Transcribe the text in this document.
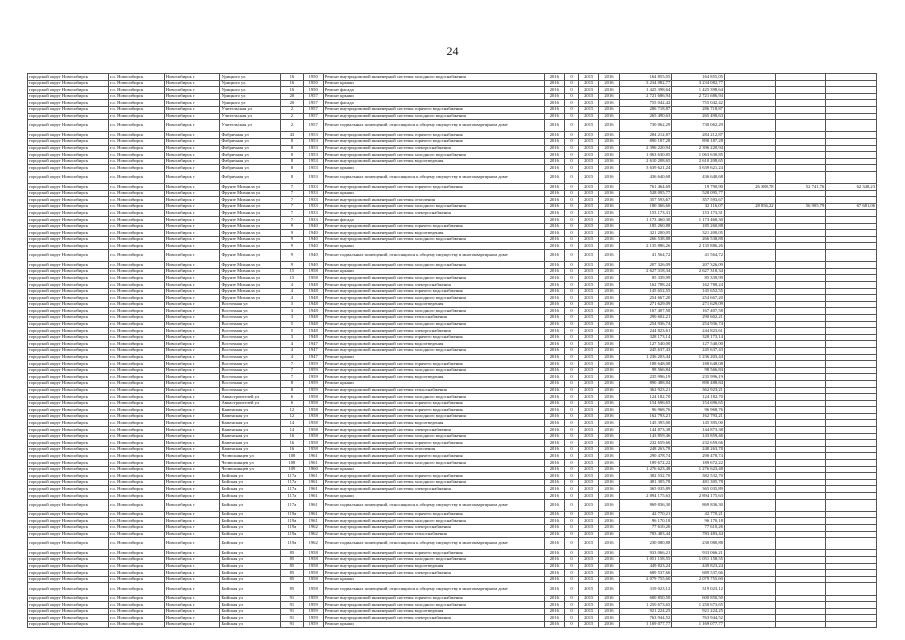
24
городской округ Новосибирск	г.о. Новосибирск	Новосибирск г	Урицкого ул	16	1950	Ремонт внутридомовой инженерной системы холодного водоснабжения	2016	0	2015	2016	164 855,05	164 855,05			
городской округ Новосибирск	г.о. Новосибирск	Новосибирск г	Урицкого ул	16	1950	Ремонт крыши	2016	0	2015	2016	3 234 082,77	3 234 082,77			
городской округ Новосибирск	г.о. Новосибирск	Новосибирск г	Урицкого ул	16	1950	Ремонт фасада	2016	0	2015	2016	1 425 398,64	1 425 398,64			
городской округ Новосибирск	г.о. Новосибирск	Новосибирск г	Урицкого ул	20	1957	Ремонт крыши	2016	0	2015	2016	2 721 686,94	2 721 686,94			
городской округ Новосибирск	г.о. Новосибирск	Новосибирск г	Урицкого ул	20	1957	Ремонт фасада	2016	0	2015	2016	755 042,42	755 042,42			
городской округ Новосибирск	г.о. Новосибирск	Новосибирск г	Учительская ул	2	1957	Ремонт внутридомовой инженерной системы горячего водоснабжения	2016	0	2015	2016	286 718,87	286 718,87			
городской округ Новосибирск	г.о. Новосибирск	Новосибирск г	Учительская ул	2	1957	Ремонт внутридомовой инженерной системы холодного водоснабжения	2016	0	2015	2016	265 490,63	265 490,63			
городской округ Новосибирск	г.о. Новосибирск	Новосибирск г	Учительская ул	2	1957	Ремонт подвальных помещений, относящихся к общему имуществу в многоквартирном доме	2016	0	2015	2016	730 062,29	730 062,29			
городской округ Новосибирск	г.о. Новосибирск	Новосибирск г	Фабричная ул	43	1953	Ремонт внутридомовой инженерной системы горячего водоснабжения	2016	0	2015	2016	284 212,87	284 212,87			
городской округ Новосибирск	г.о. Новосибирск	Новосибирск г	Фабричная ул	8	1953	Ремонт внутридомовой инженерной системы горячего водоснабжения	2016	0	2015	2016	890 187,28	890 187,28			
городской округ Новосибирск	г.о. Новосибирск	Новосибирск г	Фабричная ул	8	1953	Ремонт внутридомовой инженерной системы электроснабжения	2016	0	2015	2016	2 396 220,94	2 396 220,94			
городской округ Новосибирск	г.о. Новосибирск	Новосибирск г	Фабричная ул	8	1953	Ремонт внутридомовой инженерной системы холодного водоснабжения	2016	0	2015	2016	1 063 630,85	1 063 630,85			
городской округ Новосибирск	г.о. Новосибирск	Новосибирск г	Фабричная ул	8	1953	Ремонт внутридомовой инженерной системы водоотведения	2016	0	2015	2016	2 610 208,65	2 610 208,65			
городской округ Новосибирск	г.о. Новосибирск	Новосибирск г	Фабричная ул	8	1953	Ремонт крыши	2016	0	2015	2016	3 639 621,24	3 639 621,24			
городской округ Новосибирск	г.о. Новосибирск	Новосибирск г	Фабричная ул	8	1953	Ремонт подвальных помещений, относящихся к общему имуществу в многоквартирном доме	2016	0	2015	2016	436 640,68	436 640,68			
городской округ Новосибирск	г.о. Новосибирск	Новосибирск г	Фрунзе Михаила ул	7	1933	Ремонт внутридомовой инженерной системы горячего водоснабжения	2016	0	2015	2016	761 464,69	19 790,90	26 388,78	52 741,76	62 348,23
городской округ Новосибирск	г.о. Новосибирск	Новосибирск г	Фрунзе Михаила ул	7	1933	Ремонт крыши	2016	0	2015	2016	528 095,77	528 095,77			
городской округ Новосибирск	г.о. Новосибирск	Новосибирск г	Фрунзе Михаила ул	7	1933	Ремонт внутридомовой инженерной системы отопления	2016	0	2015	2016	357 593,67	357 593,67			
городской округ Новосибирск	г.о. Новосибирск	Новосибирск г	Фрунзе Михаила ул	7	1933	Ремонт внутридомовой инженерной системы холодного водоснабжения	2016	0	2015	2016	180 366,66	32 116,07	28 856,22	56 905,79	67 681,06
городской округ Новосибирск	г.о. Новосибирск	Новосибирск г	Фрунзе Михаила ул	7	1933	Ремонт внутридомовой инженерной системы электроснабжения	2016	0	2015	2016	153 173,31	153 173,31			
городской округ Новосибирск	г.о. Новосибирск	Новосибирск г	Фрунзе Михаила ул	7	1933	Ремонт фасада	2016	0	2015	2016	1 173 460,30	1 173 460,30			
городской округ Новосибирск	г.о. Новосибирск	Новосибирск г	Фрунзе Михаила ул	9	1940	Ремонт внутридомовой инженерной системы горячего водоснабжения	2016	0	2015	2016	185 260,88	185 260,88			
городской округ Новосибирск	г.о. Новосибирск	Новосибирск г	Фрунзе Михаила ул	9	1940	Ремонт внутридомовой инженерной системы водоотведения	2016	0	2015	2016	321 200,05	321 200,05			
городской округ Новосибирск	г.о. Новосибирск	Новосибирск г	Фрунзе Михаила ул	9	1940	Ремонт внутридомовой инженерной системы холодного водоснабжения	2016	0	2015	2016	266 538,88	266 538,88			
городской округ Новосибирск	г.о. Новосибирск	Новосибирск г	Фрунзе Михаила ул	9	1940	Ремонт крыши	2016	0	2015	2016	2 135 886,26	2 135 886,26			
городской округ Новосибирск	г.о. Новосибирск	Новосибирск г	Фрунзе Михаила ул	9	1940	Ремонт подвальных помещений, относящихся к общему имуществу в многоквартирном доме	2016	0	2015	2016	41 564,72	41 564,72			
городской округ Новосибирск	г.о. Новосибирск	Новосибирск г	Фрунзе Михаила ул	9	1940	Ремонт внутридомовой инженерной системы холодного водоснабжения	2016	0	2015	2016	207 326,09	207 326,09			
городской округ Новосибирск	г.о. Новосибирск	Новосибирск г	Фрунзе Михаила ул	15	1958	Ремонт крыши	2016	0	2015	2016	2 627 318,34	2 627 318,34			
городской округ Новосибирск	г.о. Новосибирск	Новосибирск г	Фрунзе Михаила ул	15	1958	Ремонт внутридомовой инженерной системы холодного водоснабжения	2016	0	2015	2016	85 339,99	85 339,99			
городской округ Новосибирск	г.о. Новосибирск	Новосибирск г	Фрунзе Михаила ул	4	1948	Ремонт внутридомовой инженерной системы электроснабжения	2016	0	2015	2016	162 788,24	162 788,24			
городской округ Новосибирск	г.о. Новосибирск	Новосибирск г	Фрунзе Михаила ул	4	1948	Ремонт внутридомовой инженерной системы горячего водоснабжения	2016	0	2015	2016	145 652,55	145 652,55			
городской округ Новосибирск	г.о. Новосибирск	Новосибирск г	Фрунзе Михаила ул	4	1948	Ремонт внутридомовой инженерной системы холодного водоснабжения	2016	0	2015	2016	254 667,20	254 667,20			
городской округ Новосибирск	г.о. Новосибирск	Новосибирск г	Восточная ул	3	1948	Ремонт внутридомовой инженерной системы водоотведения	2016	0	2015	2016	271 629,09	271 629,09			
городской округ Новосибирск	г.о. Новосибирск	Новосибирск г	Восточная ул	3	1948	Ремонт внутридомовой инженерной системы холодного водоснабжения	2016	0	2015	2016	167 407,58	167 407,58			
городской округ Новосибирск	г.о. Новосибирск	Новосибирск г	Восточная ул	3	1948	Ремонт внутридомовой инженерной системы теплоснабжения	2016	0	2015	2016	290 602,21	290 602,21			
городской округ Новосибирск	г.о. Новосибирск	Новосибирск г	Восточная ул	5	1948	Ремонт внутридомовой инженерной системы холодного водоснабжения	2016	0	2015	2016	254 936,74	254 936,74			
городской округ Новосибирск	г.о. Новосибирск	Новосибирск г	Восточная ул	5	1948	Ремонт внутридомовой инженерной системы электроснабжения	2016	0	2015	2016	244 823,61	244 823,61			
городской округ Новосибирск	г.о. Новосибирск	Новосибирск г	Восточная ул	3	1948	Ремонт внутридомовой инженерной системы горячего водоснабжения	2016	0	2015	2016	328 173,14	328 173,14			
городской округ Новосибирск	г.о. Новосибирск	Новосибирск г	Восточная ул	4	1947	Ремонт внутридомовой инженерной системы водоотведения	2016	0	2015	2016	127 540,00	127 540,00			
городской округ Новосибирск	г.о. Новосибирск	Новосибирск г	Восточная ул	4	1947	Ремонт внутридомовой инженерной системы холодного водоснабжения	2016	0	2015	2016	245 637,43	245 637,43			
городской округ Новосибирск	г.о. Новосибирск	Новосибирск г	Восточная ул	4	1947	Ремонт крыши	2016	0	2015	2016	1 236 203,44	1 236 203,44			
городской округ Новосибирск	г.о. Новосибирск	Новосибирск г	Восточная ул	7	1959	Ремонт внутридомовой инженерной системы горячего водоснабжения	2016	0	2015	2016	188 648,08	188 648,08			
городской округ Новосибирск	г.о. Новосибирск	Новосибирск г	Восточная ул	7	1959	Ремонт внутридомовой инженерной системы холодного водоснабжения	2016	0	2015	2016	98 566,84	98 566,84			
городской округ Новосибирск	г.о. Новосибирск	Новосибирск г	Восточная ул	7	1959	Ремонт внутридомовой инженерной системы водоотведения	2016	0	2015	2016	235 996,19	235 996,19			
городской округ Новосибирск	г.о. Новосибирск	Новосибирск г	Восточная ул	8	1959	Ремонт крыши	2016	0	2015	2016	890 488,84	890 488,84			
городской округ Новосибирск	г.о. Новосибирск	Новосибирск г	Восточная ул	8	1959	Ремонт внутридомовой инженерной системы теплоснабжения	2016	0	2015	2016	362 923,21	362 923,21			
городской округ Новосибирск	г.о. Новосибирск	Новосибирск г	Авиастроителей ул	6	1958	Ремонт внутридомовой инженерной системы холодного водоснабжения	2016	0	2015	2016	124 182,70	124 182,70			
городской округ Новосибирск	г.о. Новосибирск	Новосибирск г	Авиастроителей ул	6	1958	Ремонт внутридомовой инженерной системы горячего водоснабжения	2016	0	2015	2016	154 696,65	154 696,65			
городской округ Новосибирск	г.о. Новосибирск	Новосибирск г	Каменская ул	12	1958	Ремонт внутридомовой инженерной системы горячего водоснабжения	2016	0	2015	2016	96 968,76	96 968,76			
городской округ Новосибирск	г.о. Новосибирск	Новосибирск г	Каменская ул	12	1958	Ремонт внутридомовой инженерной системы холодного водоснабжения	2016	0	2015	2016	162 793,21	162 793,21			
городской округ Новосибирск	г.о. Новосибирск	Новосибирск г	Каменская ул	14	1958	Ремонт внутридомовой инженерной системы водоотведения	2016	0	2015	2016	145 395,00	145 395,00			
городской округ Новосибирск	г.о. Новосибирск	Новосибирск г	Каменская ул	14	1958	Ремонт внутридомовой инженерной системы электроснабжения	2016	0	2015	2016	144 873,38	144 873,38			
городской округ Новосибирск	г.о. Новосибирск	Новосибирск г	Каменская ул	16	1958	Ремонт внутридомовой инженерной системы холодного водоснабжения	2016	0	2015	2016	143 859,46	143 859,46			
городской округ Новосибирск	г.о. Новосибирск	Новосибирск г	Каменская ул	16	1958	Ремонт внутридомовой инженерной системы горячего водоснабжения	2016	0	2015	2016	232 659,66	232 659,66			
городской округ Новосибирск	г.о. Новосибирск	Новосибирск г	Каменская ул	16	1958	Ремонт внутридомовой инженерной системы отопления	2016	0	2015	2016	248 263,78	248 263,78			
городской округ Новосибирск	г.о. Новосибирск	Новосибирск г	Челюскинцев ул	108	1961	Ремонт внутридомовой инженерной системы горячего водоснабжения	2016	0	2015	2016	290 478,74	290 478,74			
городской округ Новосибирск	г.о. Новосибирск	Новосибирск г	Челюскинцев ул	108	1961	Ремонт внутридомовой инженерной системы холодного водоснабжения	2016	0	2015	2016	189 672,22	189 672,22			
городской округ Новосибирск	г.о. Новосибирск	Новосибирск г	Челюскинцев ул	109	1960	Ремонт крыши	2016	0	2015	2016	1 276 623,48	1 276 623,48			
городской округ Новосибирск	г.о. Новосибирск	Новосибирск г	Бийская ул	117а	1961	Ремонт внутридомовой инженерной системы горячего водоснабжения	2016	0	2015	2016	382 532,70	382 532,70			
городской округ Новосибирск	г.о. Новосибирск	Новосибирск г	Бийская ул	117а	1961	Ремонт внутридомовой инженерной системы холодного водоснабжения	2016	0	2015	2016	481 305,78	481 305,78			
городской округ Новосибирск	г.о. Новосибирск	Новосибирск г	Бийская ул	117а	1961	Ремонт внутридомовой инженерной системы электроснабжения	2016	0	2015	2016	365 035,89	365 035,89			
городской округ Новосибирск	г.о. Новосибирск	Новосибирск г	Бийская ул	117а	1961	Ремонт крыши	2016	0	2015	2016	2 894 175,63	2 894 175,63			
городской округ Новосибирск	г.о. Новосибирск	Новосибирск г	Бийская ул	117а	1961	Ремонт подвальных помещений, относящихся к общему имуществу в многоквартирном доме	2016	0	2015	2016	869 836,30	869 836,30			
городской округ Новосибирск	г.о. Новосибирск	Новосибирск г	Бийская ул	119а	1961	Ремонт внутридомовой инженерной системы горячего водоснабжения	2016	0	2015	2016	42 770,21	42 770,21			
городской округ Новосибирск	г.о. Новосибирск	Новосибирск г	Бийская ул	119а	1961	Ремонт внутридомовой инженерной системы холодного водоснабжения	2016	0	2015	2016	96 170,18	96 170,18			
городской округ Новосибирск	г.о. Новосибирск	Новосибирск г	Бийская ул	119а	1962	Ремонт внутридомовой инженерной системы электроснабжения	2016	0	2015	2016	77 610,26	77 610,26			
городской округ Новосибирск	г.о. Новосибирск	Новосибирск г	Бийская ул	119а	1962	Ремонт внутридомовой инженерной системы теплоснабжения	2016	0	2015	2016	783 483,44	783 483,44			
городской округ Новосибирск	г.о. Новосибирск	Новосибирск г	Бийская ул	119а	1962	Ремонт подвальных помещений, относящихся к общему имуществу в многоквартирном доме	2016	0	2015	2016	230 080,88	230 080,88			
городской округ Новосибирск	г.о. Новосибирск	Новосибирск г	Бийская ул	85	1958	Ремонт внутридомовой инженерной системы горячего водоснабжения	2016	0	2015	2016	933 066,21	933 066,21			
городской округ Новосибирск	г.о. Новосибирск	Новосибирск г	Бийская ул	85	1958	Ремонт внутридомовой инженерной системы холодного водоснабжения	2016	0	2015	2016	1 051 158,55	1 051 158,55			
городской округ Новосибирск	г.о. Новосибирск	Новосибирск г	Бийская ул	85	1958	Ремонт внутридомовой инженерной системы водоотведения	2016	0	2015	2016	449 823,24	449 823,24			
городской округ Новосибирск	г.о. Новосибирск	Новосибирск г	Бийская ул	85	1958	Ремонт внутридомовой инженерной системы электроснабжения	2016	0	2015	2016	689 537,66	689 537,66			
городской округ Новосибирск	г.о. Новосибирск	Новосибирск г	Бийская ул	85	1958	Ремонт крыши	2016	0	2015	2016	2 079 755,60	2 079 755,60			
городской округ Новосибирск	г.о. Новосибирск	Новосибирск г	Бийская ул	85	1958	Ремонт подвальных помещений, относящихся к общему имуществу в многоквартирном доме	2016	0	2015	2016	319 023,12	319 023,12			
городской округ Новосибирск	г.о. Новосибирск	Новосибирск г	Бийская ул	91	1959	Ремонт внутридомовой инженерной системы горячего водоснабжения	2016	0	2015	2016	600 850,50	600 850,50			
городской округ Новосибирск	г.о. Новосибирск	Новосибирск г	Бийская ул	91	1959	Ремонт внутридомовой инженерной системы холодного водоснабжения	2016	0	2015	2016	1 250 673,65	1 250 673,65			
городской округ Новосибирск	г.о. Новосибирск	Новосибирск г	Бийская ул	91	1959	Ремонт внутридомовой инженерной системы водоотведения	2016	0	2015	2016	921 224,25	921 224,25			
городской округ Новосибирск	г.о. Новосибирск	Новосибирск г	Бийская ул	91	1959	Ремонт внутридомовой инженерной системы электроснабжения	2016	0	2015	2016	763 944,52	763 944,52			
городской округ Новосибирск	г.о. Новосибирск	Новосибирск г	Бийская ул	91	1959	Ремонт крыши	2016	0	2015	2016	1 169 077,77	1 169 077,77			
